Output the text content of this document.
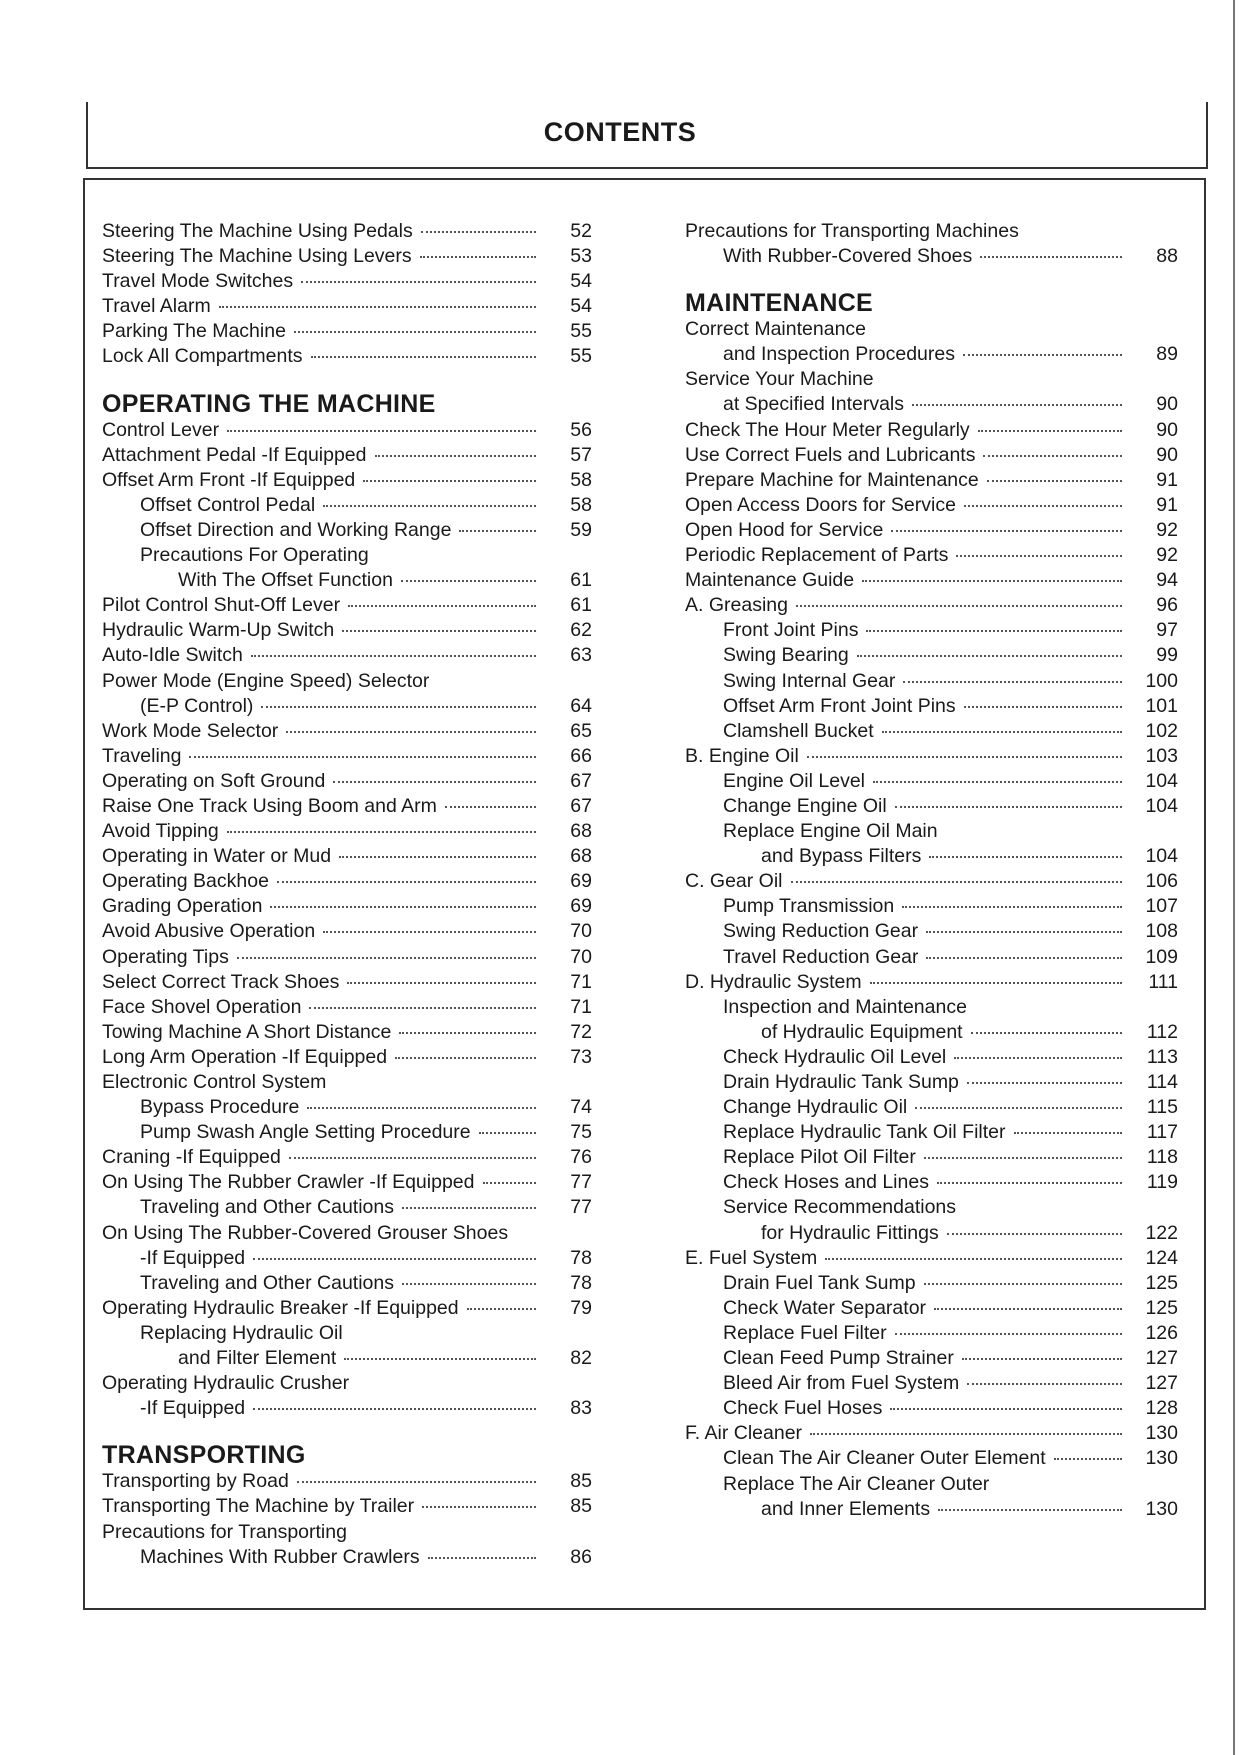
CONTENTS
Steering The Machine Using Pedals	52
Steering The Machine Using Levers	53
Travel Mode Switches	54
Travel Alarm	54
Parking The Machine	55
Lock All Compartments	55
OPERATING THE MACHINE
Control Lever	56
Attachment Pedal -If Equipped	57
Offset Arm Front -If Equipped	58
Offset Control Pedal	58
Offset Direction and Working Range	59
Precautions For Operating
With The Offset Function	61
Pilot Control Shut-Off Lever	61
Hydraulic Warm-Up Switch	62
Auto-Idle Switch	63
Power Mode (Engine Speed) Selector
(E-P Control)	64
Work Mode Selector	65
Traveling	66
Operating on Soft Ground	67
Raise One Track Using Boom and Arm	67
Avoid Tipping	68
Operating in Water or Mud	68
Operating Backhoe	69
Grading Operation	69
Avoid Abusive Operation	70
Operating Tips	70
Select Correct Track Shoes	71
Face Shovel Operation	71
Towing Machine A Short Distance	72
Long Arm Operation -If Equipped	73
Electronic Control System
Bypass Procedure	74
Pump Swash Angle Setting Procedure	75
Craning -If Equipped	76
On Using The Rubber Crawler -If Equipped	77
Traveling and Other Cautions	77
On Using The Rubber-Covered Grouser Shoes
-If Equipped	78
Traveling and Other Cautions	78
Operating Hydraulic Breaker -If Equipped	79
Replacing Hydraulic Oil
and Filter Element	82
Operating Hydraulic Crusher
-If Equipped	83
TRANSPORTING
Transporting by Road	85
Transporting The Machine by Trailer	85
Precautions for Transporting
Machines With Rubber Crawlers	86
Precautions for Transporting Machines
With Rubber-Covered Shoes	88
MAINTENANCE
Correct Maintenance
and Inspection Procedures	89
Service Your Machine
at Specified Intervals	90
Check The Hour Meter Regularly	90
Use Correct Fuels and Lubricants	90
Prepare Machine for Maintenance	91
Open Access Doors for Service	91
Open Hood for Service	92
Periodic Replacement of Parts	92
Maintenance Guide	94
A. Greasing	96
Front Joint Pins	97
Swing Bearing	99
Swing Internal Gear	100
Offset Arm Front Joint Pins	101
Clamshell Bucket	102
B. Engine Oil	103
Engine Oil Level	104
Change Engine Oil	104
Replace Engine Oil Main
and Bypass Filters	104
C. Gear Oil	106
Pump Transmission	107
Swing Reduction Gear	108
Travel Reduction Gear	109
D. Hydraulic System	111
Inspection and Maintenance
of Hydraulic Equipment	112
Check Hydraulic Oil Level	113
Drain Hydraulic Tank Sump	114
Change Hydraulic Oil	115
Replace Hydraulic Tank Oil Filter	117
Replace Pilot Oil Filter	118
Check Hoses and Lines	119
Service Recommendations
for Hydraulic Fittings	122
E. Fuel System	124
Drain Fuel Tank Sump	125
Check Water Separator	125
Replace Fuel Filter	126
Clean Feed Pump Strainer	127
Bleed Air from Fuel System	127
Check Fuel Hoses	128
F. Air Cleaner	130
Clean The Air Cleaner Outer Element	130
Replace The Air Cleaner Outer
and Inner Elements	130
